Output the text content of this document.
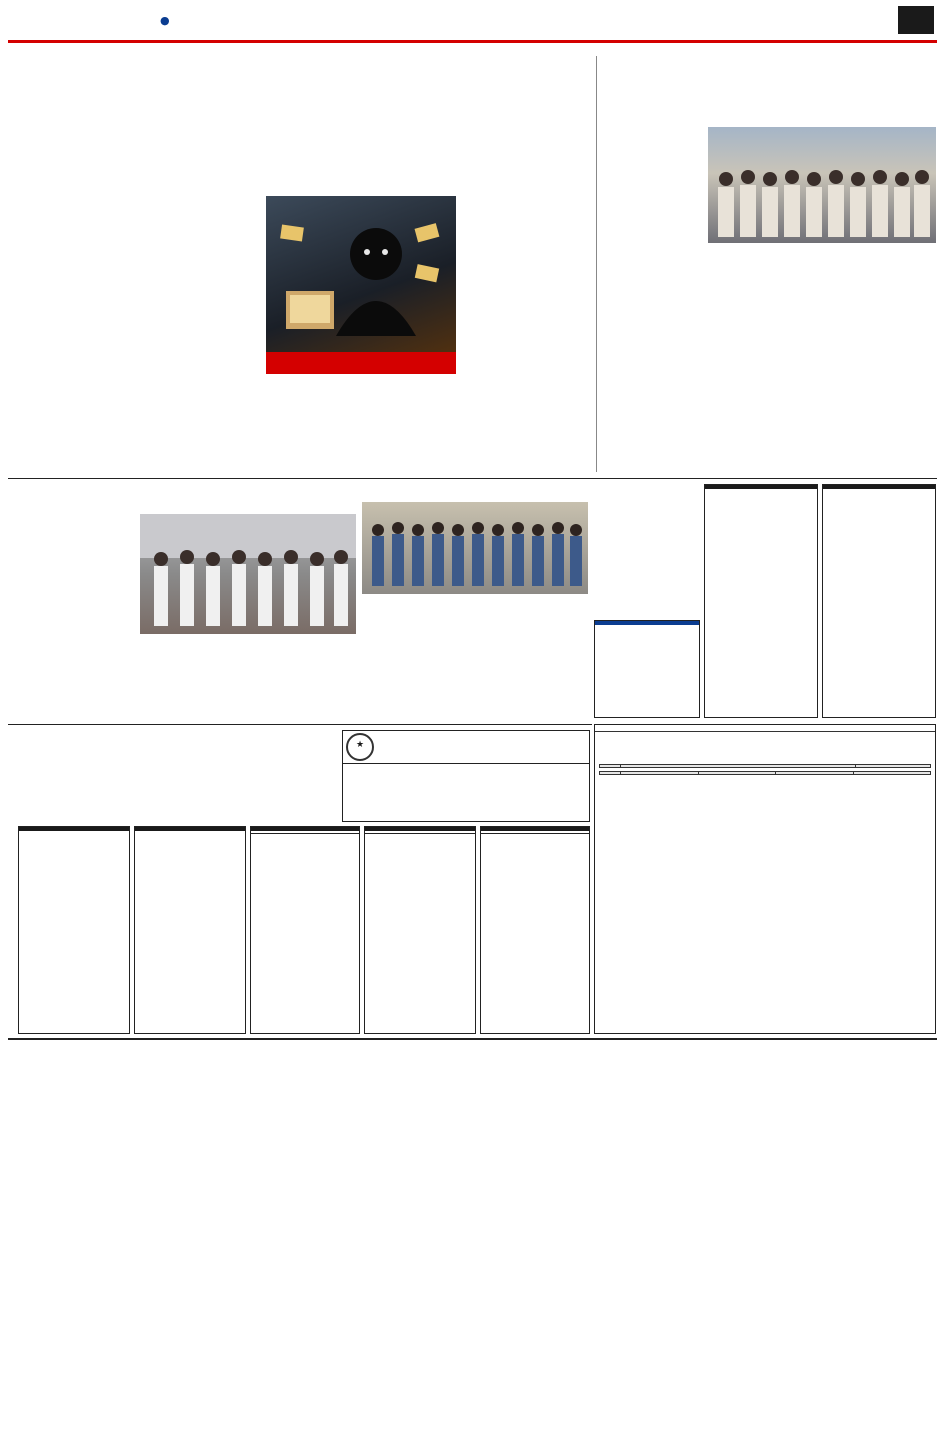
●
★
